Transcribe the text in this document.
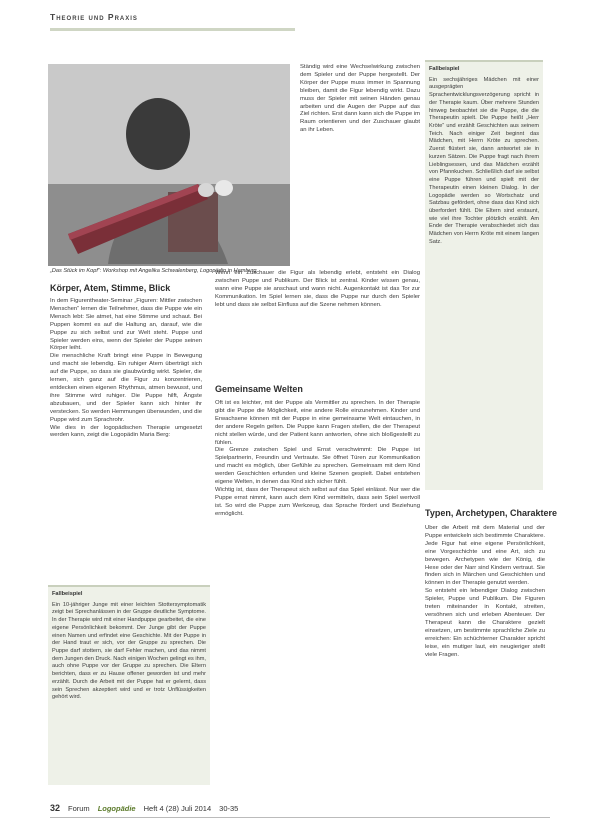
Theorie und Praxis
„Das Stück im Kopf“: Workshop mit Angelika Schwalenberg, Logopädin in Hamburg
Körper, Atem, Stimme, Blick

In dem Figurentheater-Seminar „Figuren: Mittler zwischen Menschen“ lernen die Teilnehmer, dass die Puppe wie ein Mensch lebt: Sie atmet, hat eine Stimme und schaut. Bei Puppen kommt es auf die Haltung an, darauf, wie die Puppe zu sich selbst und zur Welt steht. Puppe und Spieler werden eins, wenn der Spieler der Puppe seinen Körper leiht.

Die menschliche Kraft bringt eine Puppe in Bewegung und macht sie lebendig. Ein ruhiger Atem überträgt sich auf die Puppe, so dass sie glaubwürdig wirkt. Spieler, die lernen, sich ganz auf die Figur zu konzentrieren, entdecken einen eigenen Rhythmus, atmen bewusst, und ihre Stimme wird ruhiger. Die Puppe hilft, Ängste abzubauen, und der Spieler kann sich hinter ihr verstecken. So werden Hemmungen überwunden, und die Puppe wird zum Sprachrohr.

Wie dies in der logopädischen Therapie umgesetzt werden kann, zeigt die Logopädin Maria Berg:

Fallbeispiel
Ein 10-jähriger Junge mit einer leichten Stottersymptomatik zeigt bei Sprechanlässen in der Gruppe deutliche Symptome. In der Therapie wird mit einer Handpuppe gearbeitet, die eine eigene Persönlichkeit bekommt. Der Junge gibt der Puppe einen Namen und erfindet eine Geschichte. Mit der Puppe in der Hand traut er sich, vor der Gruppe zu sprechen. Die Puppe darf stottern, sie darf Fehler machen, und das nimmt dem Jungen den Druck. Nach einigen Wochen gelingt es ihm, auch ohne Puppe vor der Gruppe zu sprechen. Die Eltern berichten, dass er zu Hause offener geworden ist und mehr erzählt. Durch die Arbeit mit der Puppe hat er gelernt, dass sein Sprechen akzeptiert wird und er trotz Unflüssigkeiten gehört wird.

Ständig wird eine Wechselwirkung zwischen dem Spieler und der Puppe hergestellt. Der Körper der Puppe muss immer in Spannung bleiben, damit die Figur lebendig wirkt. Dazu muss der Spieler mit seinen Händen genau arbeiten und die Augen der Puppe auf das Ziel richten. Erst dann kann sich die Puppe im Raum orientieren und der Zuschauer glaubt an ihr Leben.

Wenn ein Zuschauer die Figur als lebendig erlebt, entsteht ein Dialog zwischen Puppe und Publikum. Der Blick ist zentral. Kinder wissen genau, wann eine Puppe sie anschaut und wann nicht. Augenkontakt ist das Tor zur Kommunikation. Im Spiel lernen sie, dass die Puppe nur durch den Spieler lebt und dass sie selbst Einfluss auf die Szene nehmen können.

Gemeinsame Welten

Oft ist es leichter, mit der Puppe als Vermittler zu sprechen. In der Therapie gibt die Puppe die Möglichkeit, eine andere Rolle einzunehmen. Kinder und Erwachsene können mit der Puppe in eine gemeinsame Welt eintauchen, in der andere Regeln gelten. Die Puppe kann Fragen stellen, die der Therapeut nicht stellen würde, und der Patient kann antworten, ohne sich bloßgestellt zu fühlen.

Die Grenze zwischen Spiel und Ernst verschwimmt: Die Puppe ist Spielpartnerin, Freundin und Vertraute. Sie öffnet Türen zur Kommunikation und macht es möglich, über Gefühle zu sprechen. Gemeinsam mit dem Kind werden Geschichten erfunden und kleine Szenen gespielt. Dabei entstehen eigene Welten, in denen das Kind sich sicher fühlt.

Wichtig ist, dass der Therapeut sich selbst auf das Spiel einlässt. Nur wer die Puppe ernst nimmt, kann auch dem Kind vermitteln, dass sein Spiel wertvoll ist. So wird die Puppe zum Werkzeug, das Sprache fördert und Beziehung ermöglicht.

Fallbeispiel
Ein sechsjähriges Mädchen mit einer ausgeprägten Sprachentwicklungsverzögerung spricht in der Therapie kaum. Über mehrere Stunden hinweg beobachtet sie die Puppe, die die Therapeutin spielt. Die Puppe heißt „Herr Kröte“ und erzählt Geschichten aus seinem Teich. Nach einiger Zeit beginnt das Mädchen, mit Herrn Kröte zu sprechen. Zuerst flüstert sie, dann antwortet sie in kurzen Sätzen. Die Puppe fragt nach ihrem Lieblingsessen, und das Mädchen erzählt von Pfannkuchen. Schließlich darf sie selbst eine Puppe führen und spielt mit der Therapeutin einen kleinen Dialog. In der Logopädie werden so Wortschatz und Satzbau gefördert, ohne dass das Kind sich überfordert fühlt. Die Eltern sind erstaunt, wie viel ihre Tochter plötzlich erzählt. Am Ende der Therapie verabschiedet sich das Mädchen von Herrn Kröte mit einem langen Satz.
Typen, Archetypen, Charaktere

Über die Arbeit mit dem Material und der Puppe entwickeln sich bestimmte Charaktere. Jede Figur hat eine eigene Persönlichkeit, eine Vorgeschichte und eine Art, sich zu bewegen. Archetypen wie der König, die Hexe oder der Narr sind Kindern vertraut. Sie finden sich in Märchen und Geschichten und können in der Therapie genutzt werden.

So entsteht ein lebendiger Dialog zwischen Spieler, Puppe und Publikum. Die Figuren treten miteinander in Kontakt, streiten, versöhnen sich und erleben Abenteuer. Der Therapeut kann die Charaktere gezielt einsetzen, um bestimmte sprachliche Ziele zu erreichen: Ein schüchterner Charakter spricht leise, ein mutiger laut, ein neugieriger stellt viele Fragen.

32 Forum Logopädie Heft 4 (28) Juli 2014 30-35
